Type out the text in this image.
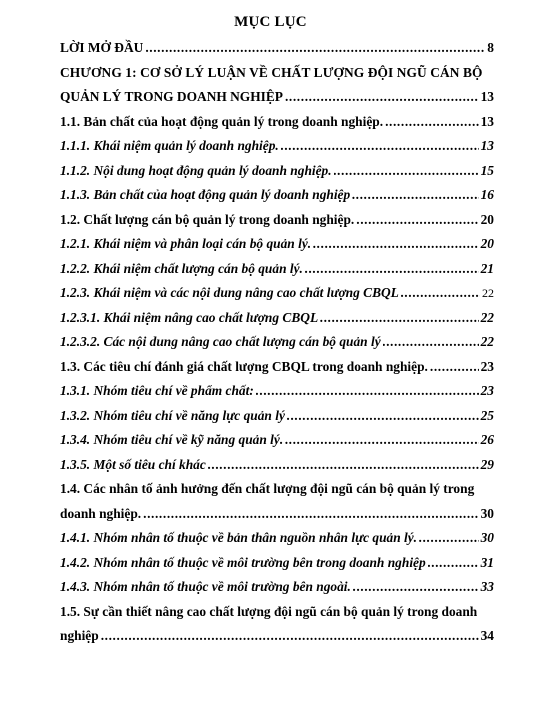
MỤC LỤC
LỜI MỞ ĐẦU .....	8
CHƯƠNG 1: CƠ SỞ LÝ LUẬN VỀ CHẤT LƯỢNG ĐỘI NGŨ CÁN BỘ
QUẢN LÝ TRONG DOANH NGHIỆP .....	13
1.1. Bản chất của hoạt động quản lý trong doanh nghiệp. .....	13
1.1.1. Khái niệm quản lý doanh nghiệp. .....	13
1.1.2. Nội dung hoạt động quản lý doanh nghiệp. .....	15
1.1.3. Bản chất của hoạt động quản lý doanh nghiệp .....	16
1.2. Chất lượng cán bộ quản lý trong doanh nghiệp. .....	20
1.2.1. Khái niệm và phân loại cán bộ quản lý. .....	20
1.2.2. Khái niệm chất lượng cán bộ quản lý. .....	21
1.2.3. Khái niệm và các nội dung nâng cao chất lượng CBQL .....	22
1.2.3.1. Khái niệm nâng cao chất lượng CBQL .....	22
1.2.3.2. Các nội dung nâng cao chất lượng cán bộ quản lý .....	22
1.3. Các tiêu chí đánh giá chất lượng CBQL trong doanh nghiệp. .....	23
1.3.1. Nhóm tiêu chí về phẩm chất: .....	23
1.3.2. Nhóm tiêu chí về năng lực quản lý .....	25
1.3.4. Nhóm tiêu chí về kỹ năng quản lý. .....	26
1.3.5. Một số tiêu chí khác .....	29
1.4. Các nhân tố ảnh hưởng đến chất lượng đội ngũ cán bộ quản lý trong
doanh nghiệp. .....	30
1.4.1. Nhóm nhân tố thuộc về bản thân nguồn nhân lực quản lý. .....	30
1.4.2. Nhóm nhân tố thuộc về môi trường bên trong doanh nghiệp .....	31
1.4.3. Nhóm nhân tố thuộc về môi trường bên ngoài. .....	33
1.5. Sự cần thiết nâng cao chất lượng đội ngũ cán bộ quản lý trong doanh
nghiệp .....	34
